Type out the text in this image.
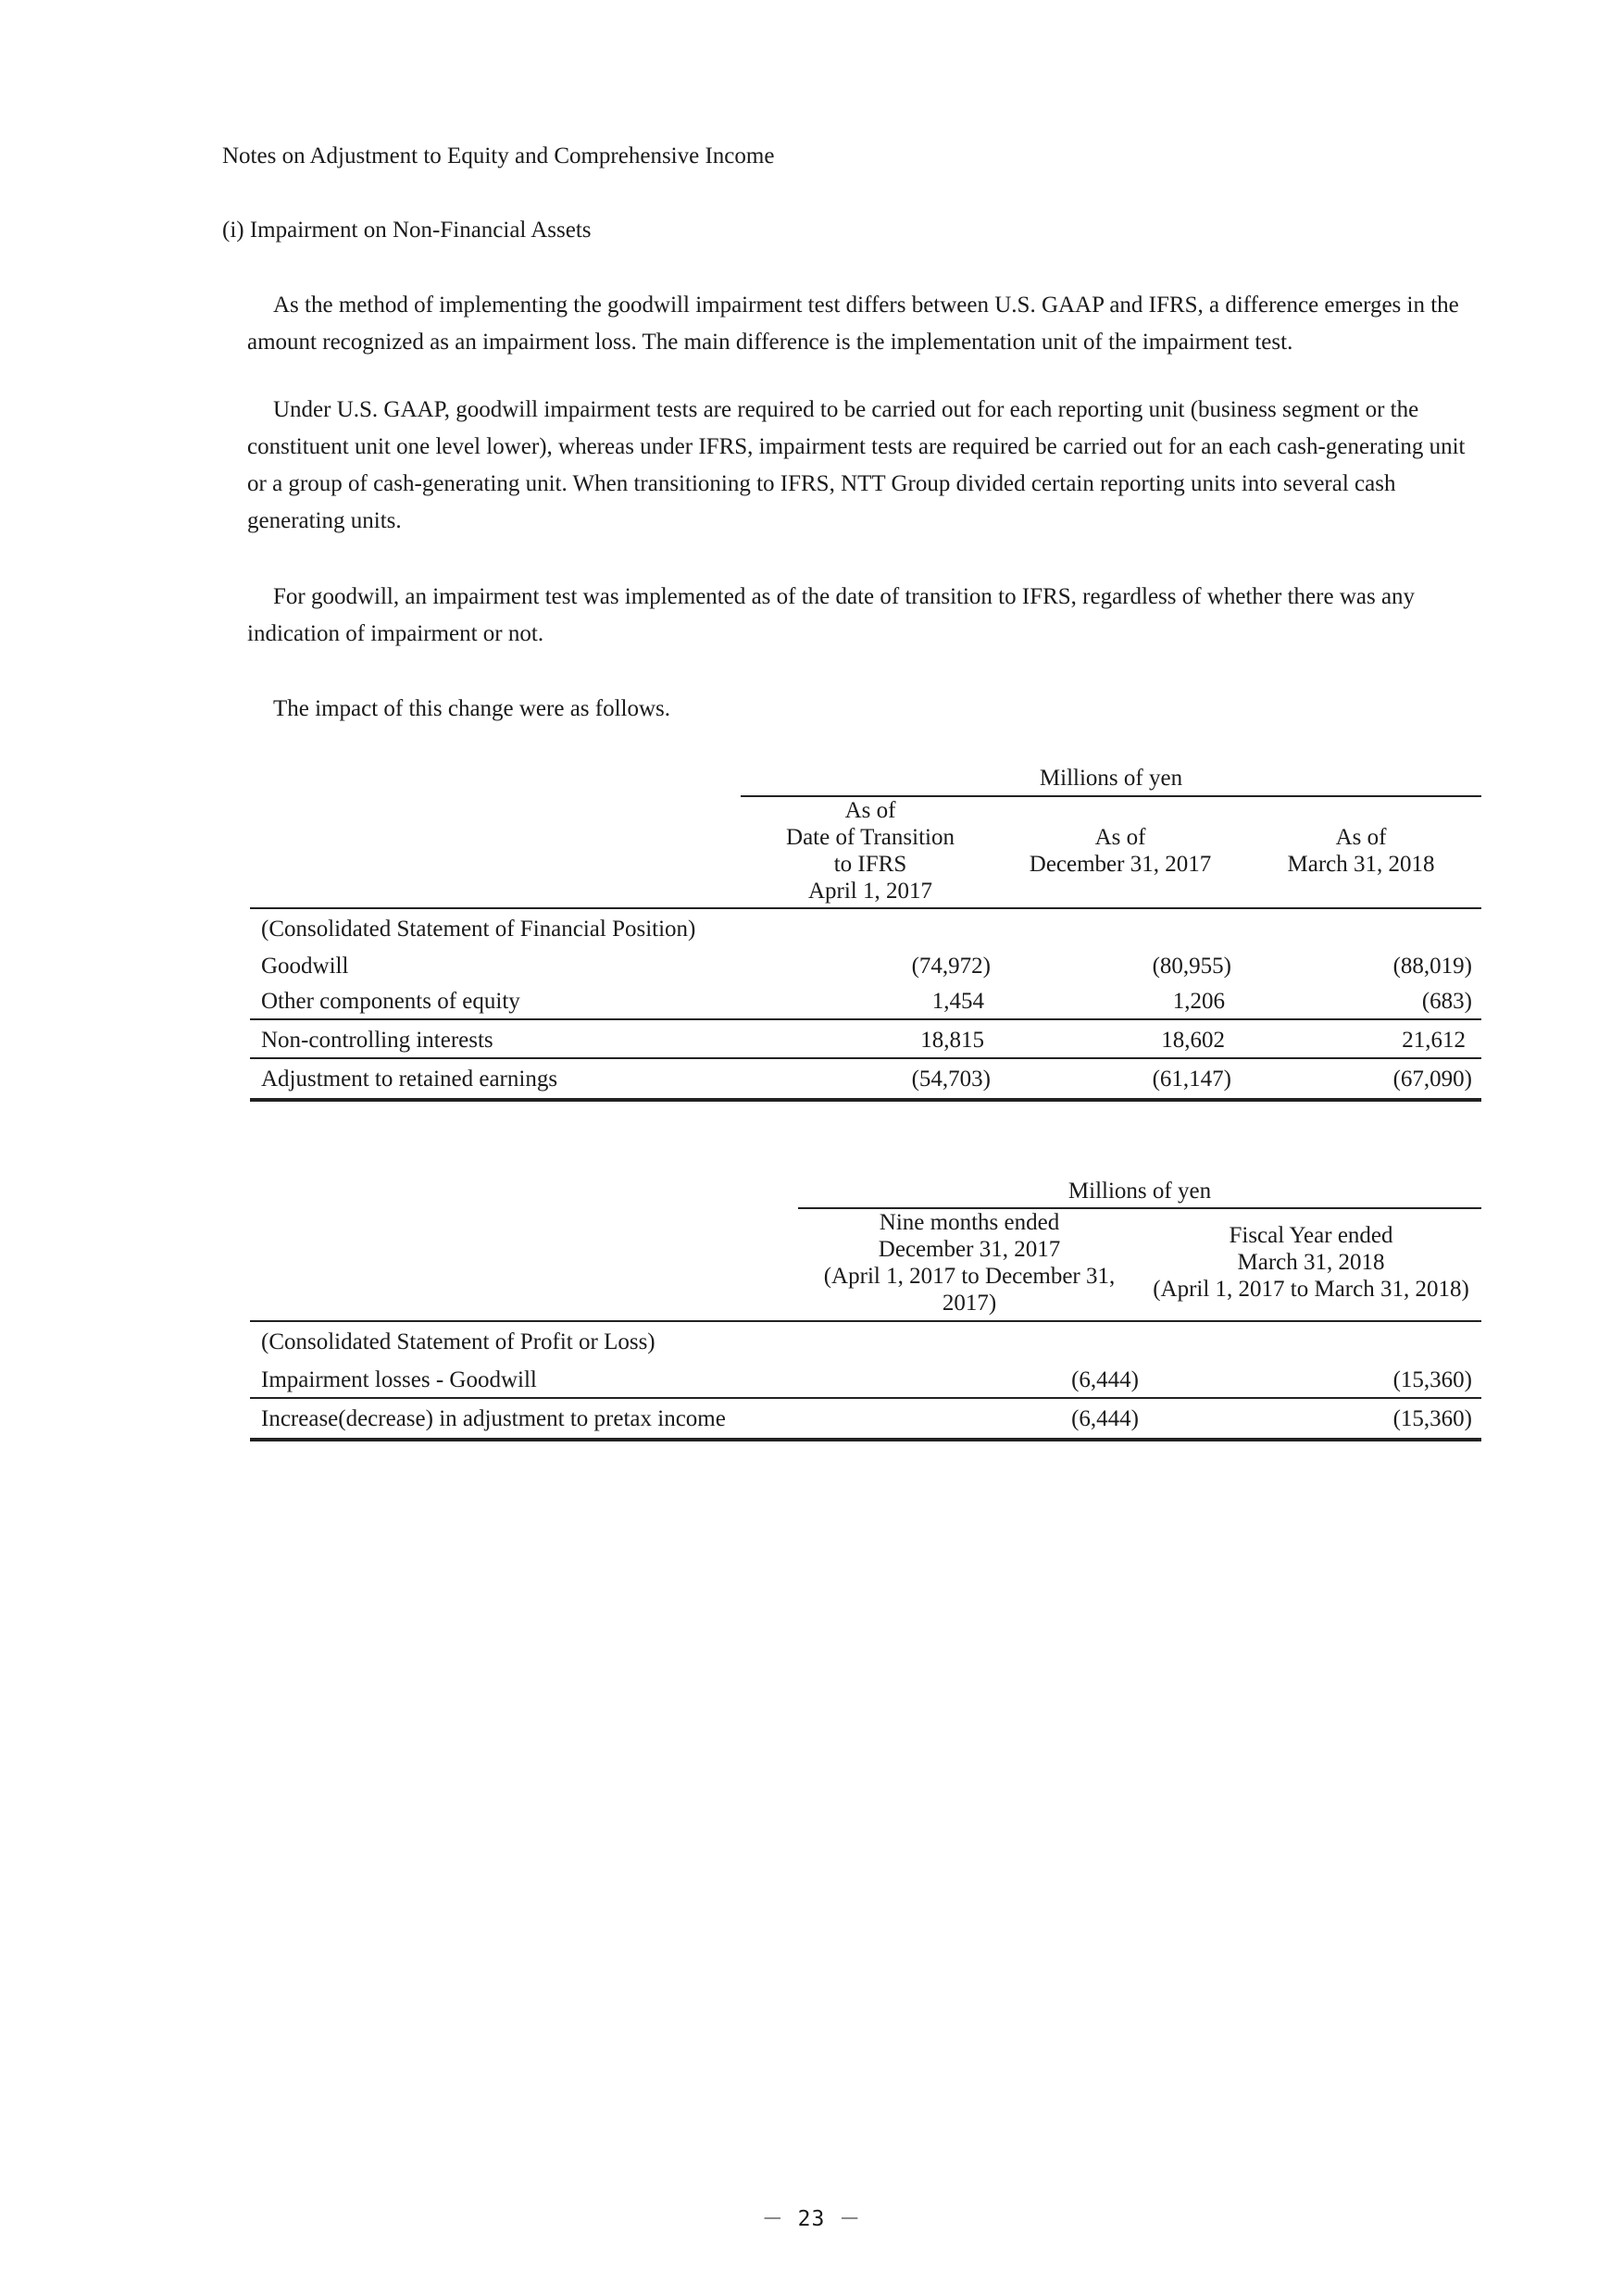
Notes on Adjustment to Equity and Comprehensive Income
(i) Impairment on Non-Financial Assets

As the method of implementing the goodwill impairment test differs between U.S. GAAP and IFRS, a difference emerges in the amount recognized as an impairment loss. The main difference is the implementation unit of the impairment test.

Under U.S. GAAP, goodwill impairment tests are required to be carried out for each reporting unit (business segment or the constituent unit one level lower), whereas under IFRS, impairment tests are required be carried out for an each cash-generating unit or a group of cash-generating unit. When transitioning to IFRS, NTT Group divided certain reporting units into several cash generating units.

For goodwill, an impairment test was implemented as of the date of transition to IFRS, regardless of whether there was any indication of impairment or not.

The impact of this change were as follows.

Millions of yen
As of
Date of Transition
to IFRS
April 1, 2017
As of
December 31, 2017
As of
March 31, 2018
(Consolidated Statement of Financial Position)
Goodwill	(74,972)	(80,955)	(88,019)
Other components of equity	1,454	1,206	(683)
Non-controlling interests	18,815	18,602	21,612
Adjustment to retained earnings	(54,703)	(61,147)	(67,090)
Millions of yen
Nine months ended
December 31, 2017
(April 1, 2017 to December 31,
2017)
Fiscal Year ended
March 31, 2018
(April 1, 2017 to March 31, 2018)
(Consolidated Statement of Profit or Loss)
Impairment losses - Goodwill	(6,444)	(15,360)
Increase(decrease) in adjustment to pretax income	(6,444)	(15,360)
－ 23 －
